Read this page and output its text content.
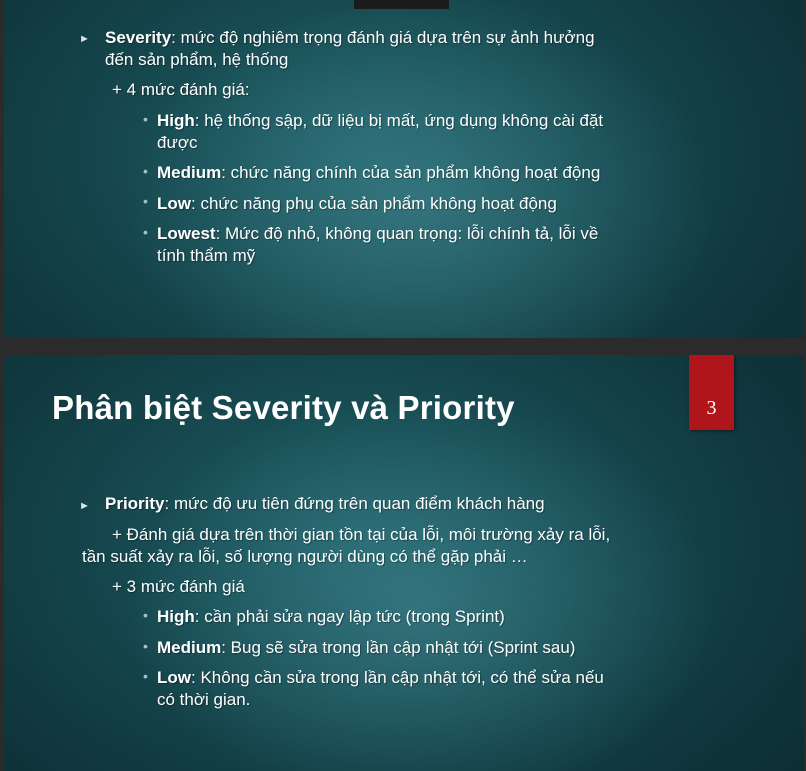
► Severity: mức độ nghiêm trọng đánh giá dựa trên sự ảnh hưởng
đến sản phẩm, hệ thống
+ 4 mức đánh giá:
• High: hệ thống sập, dữ liệu bị mất, ứng dụng không cài đặt
được
• Medium: chức năng chính của sản phẩm không hoạt động
• Low: chức năng phụ của sản phẩm không hoạt động
• Lowest: Mức độ nhỏ, không quan trọng: lỗi chính tả, lỗi về
tính thẩm mỹ
Phân biệt Severity và Priority	3
► Priority: mức độ ưu tiên đứng trên quan điểm khách hàng
+ Đánh giá dựa trên thời gian tồn tại của lỗi, môi trường xảy ra lỗi,
tần suất xảy ra lỗi, số lượng người dùng có thể gặp phải …
+ 3 mức đánh giá
• High: cần phải sửa ngay lập tức (trong Sprint)
• Medium: Bug sẽ sửa trong lần cập nhật tới (Sprint sau)
• Low: Không cần sửa trong lần cập nhật tới, có thể sửa nếu
có thời gian.
